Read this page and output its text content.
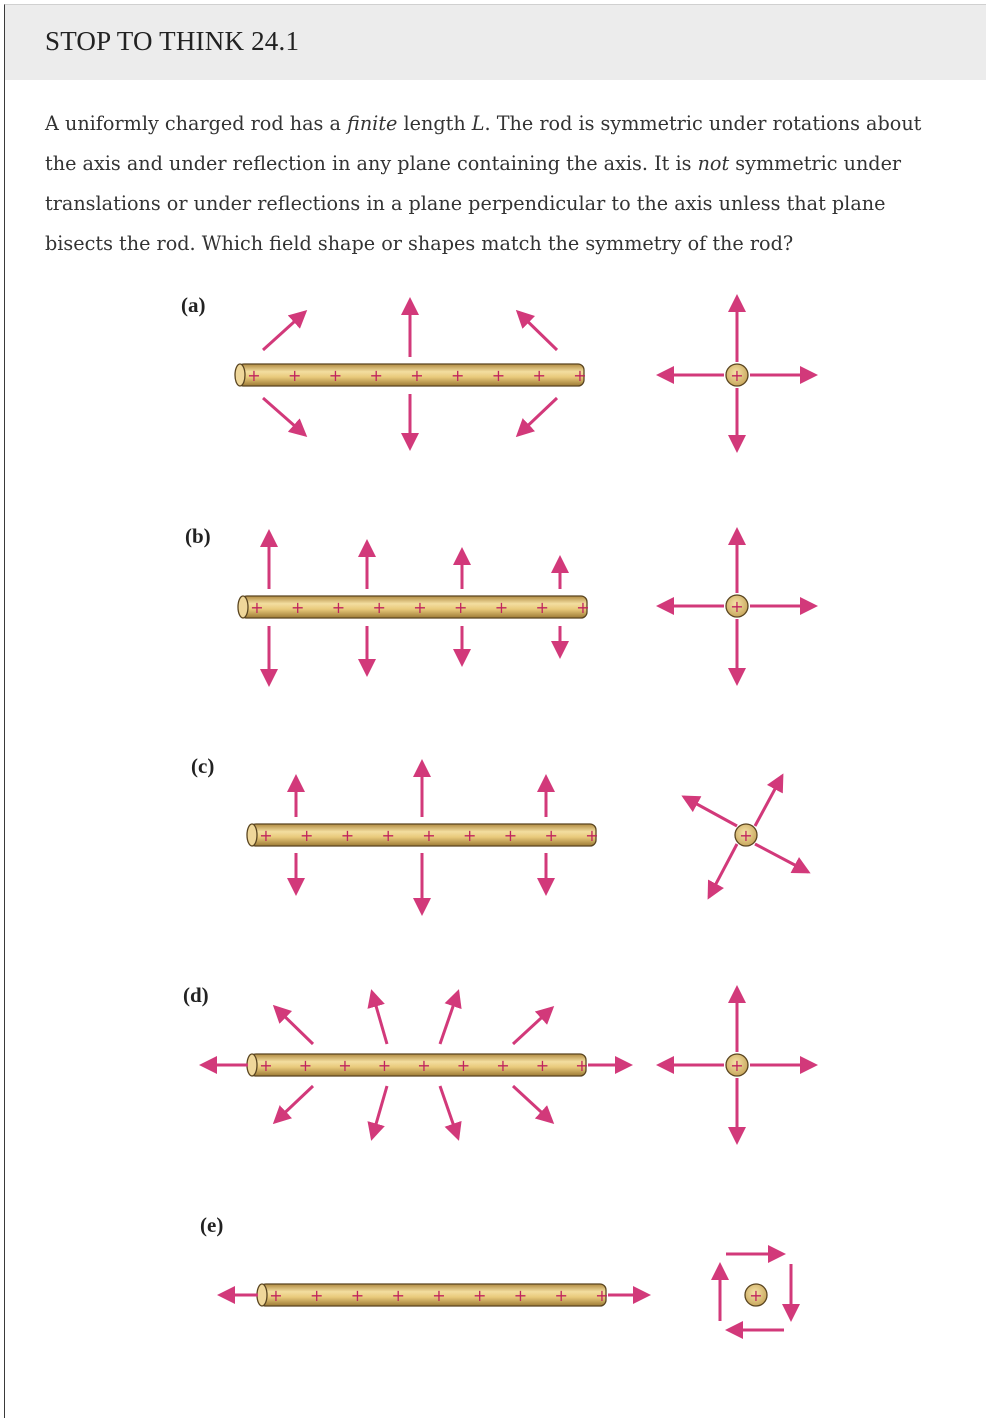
STOP TO THINK 24.1
A uniformly charged rod has a finite length L. The rod is symmetric under rotations about the axis and under reflection in any plane containing the axis. It is not symmetric under translations or under reflections in a plane perpendicular to the axis unless that plane bisects the rod. Which field shape or shapes match the symmetry of the rod?
(a)
+ + + + + + + + +	+
(b)
+ + + + + + + + +	+
(c)
+ + + + + + + + +	+
(d)
+ + + + + + + + +	+
(e)
+ + + + + + + + +	+
